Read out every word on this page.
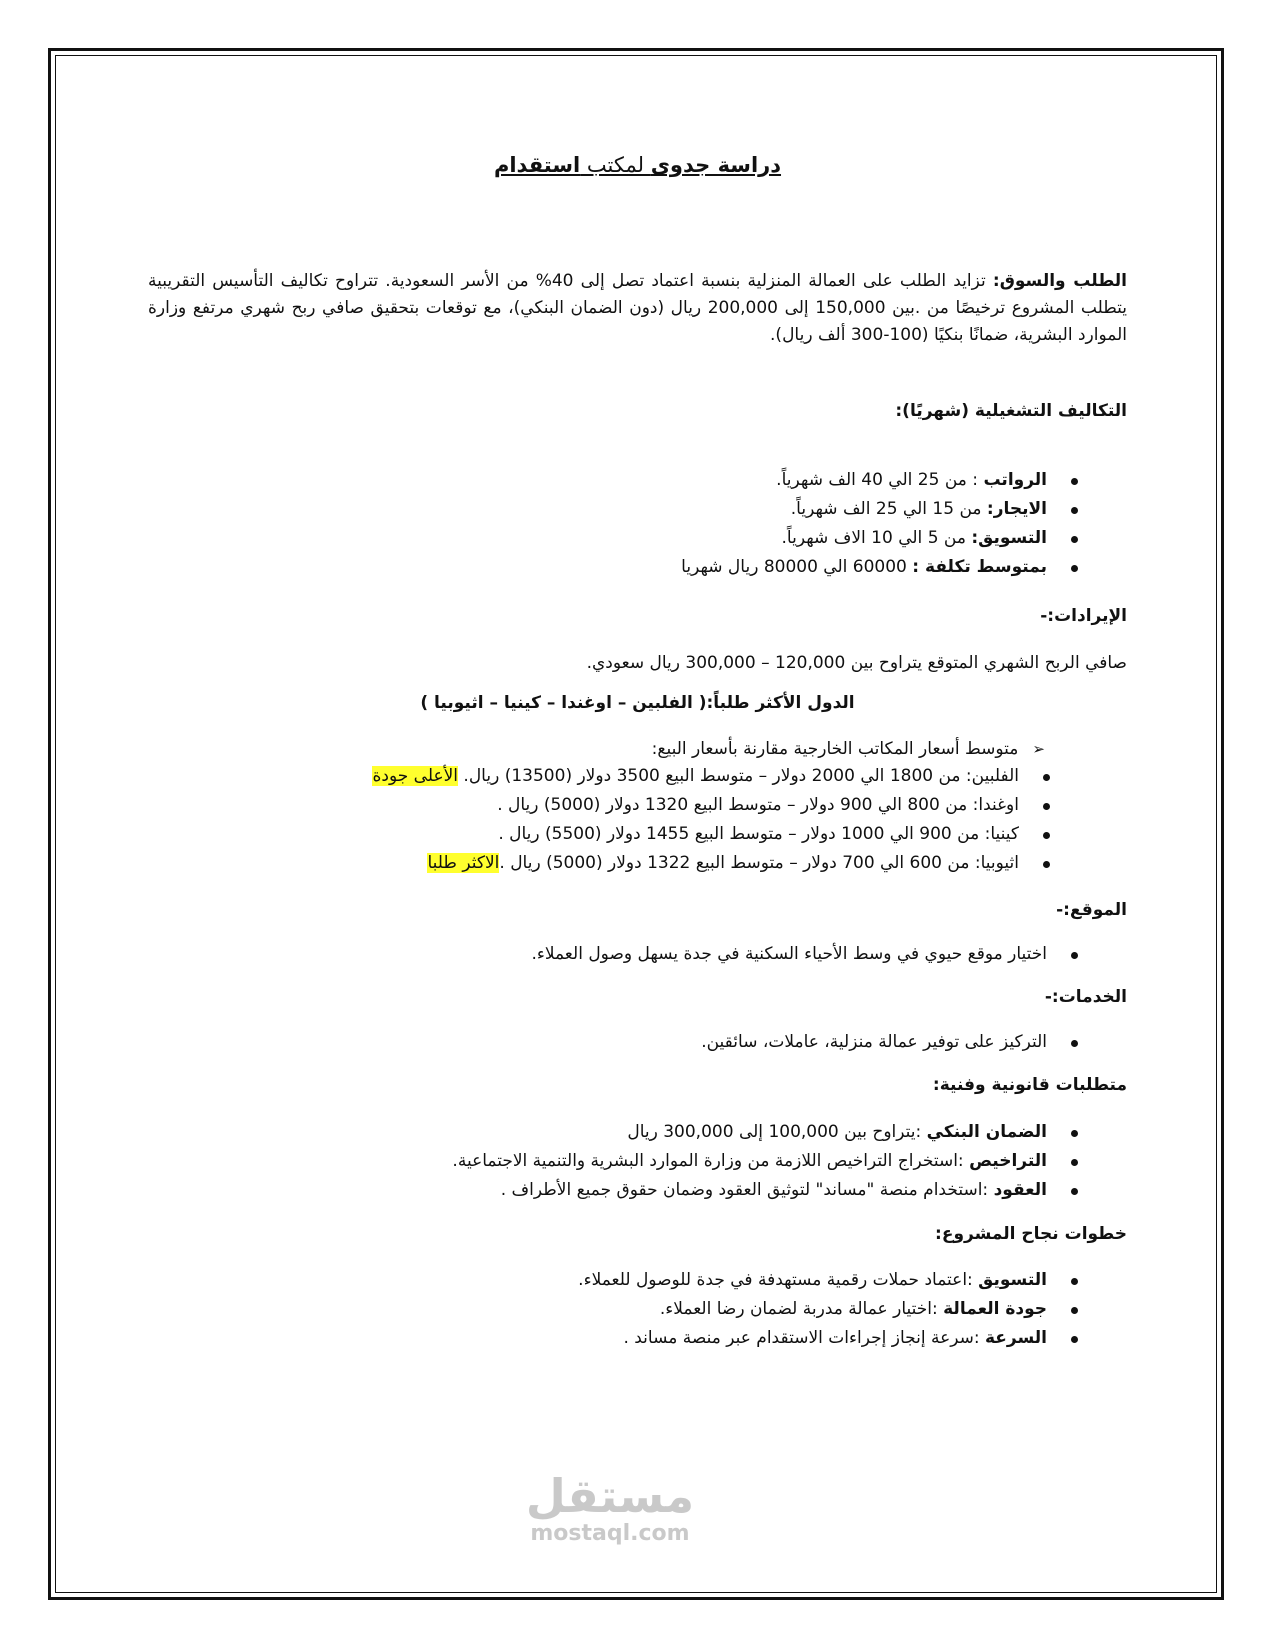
دراسة جدوى لمكتب استقدام
الطلب والسوق: تزايد الطلب على العمالة المنزلية بنسبة اعتماد تصل إلى 40% من الأسر السعودية. تتراوح تكاليف التأسيس التقريبية يتطلب المشروع ترخيصًا من .بين 150,000 إلى 200,000 ريال (دون الضمان البنكي)، مع توقعات بتحقيق صافي ربح شهري مرتفع وزارة الموارد البشرية، ضمانًا بنكيًا (100-300 ألف ريال).
التكاليف التشغيلية (شهريًا):
الرواتب : من 25 الي 40 الف شهرياً.
الايجار: من 15 الي 25 الف شهرياً.
التسويق: من 5 الي 10 الاف شهرياً.
بمتوسط تكلفة : 60000 الي 80000 ريال شهريا
الإيرادات:-
صافي الربح الشهري المتوقع يتراوح بين 120,000 – 300,000 ريال سعودي.
الدول الأكثر طلباً:( الفلبين – اوغندا – كينيا – اثيوبيا )
➢متوسط أسعار المكاتب الخارجية مقارنة بأسعار البيع:
الفلبين: من 1800 الي 2000 دولار – متوسط البيع 3500 دولار (13500) ريال. الأعلى جودة
اوغندا: من 800 الي 900 دولار – متوسط البيع 1320 دولار (5000) ريال .
كينيا: من 900 الي 1000 دولار – متوسط البيع 1455 دولار (5500) ريال .
اثيوبيا: من 600 الي 700 دولار – متوسط البيع 1322 دولار (5000) ريال .الاكثر طلبا
الموقع:-
اختيار موقع حيوي في وسط الأحياء السكنية في جدة يسهل وصول العملاء.
الخدمات:-
التركيز على توفير عمالة منزلية، عاملات، سائقين.
متطلبات قانونية وفنية:
الضمان البنكي :يتراوح بين 100,000 إلى 300,000 ريال
التراخيص :استخراج التراخيص اللازمة من وزارة الموارد البشرية والتنمية الاجتماعية.
العقود :استخدام منصة "مساند" لتوثيق العقود وضمان حقوق جميع الأطراف .
خطوات نجاح المشروع:
التسويق :اعتماد حملات رقمية مستهدفة في جدة للوصول للعملاء.
جودة العمالة :اختيار عمالة مدربة لضمان رضا العملاء.
السرعة :سرعة إنجاز إجراءات الاستقدام عبر منصة مساند .
مستقل
mostaql.com
